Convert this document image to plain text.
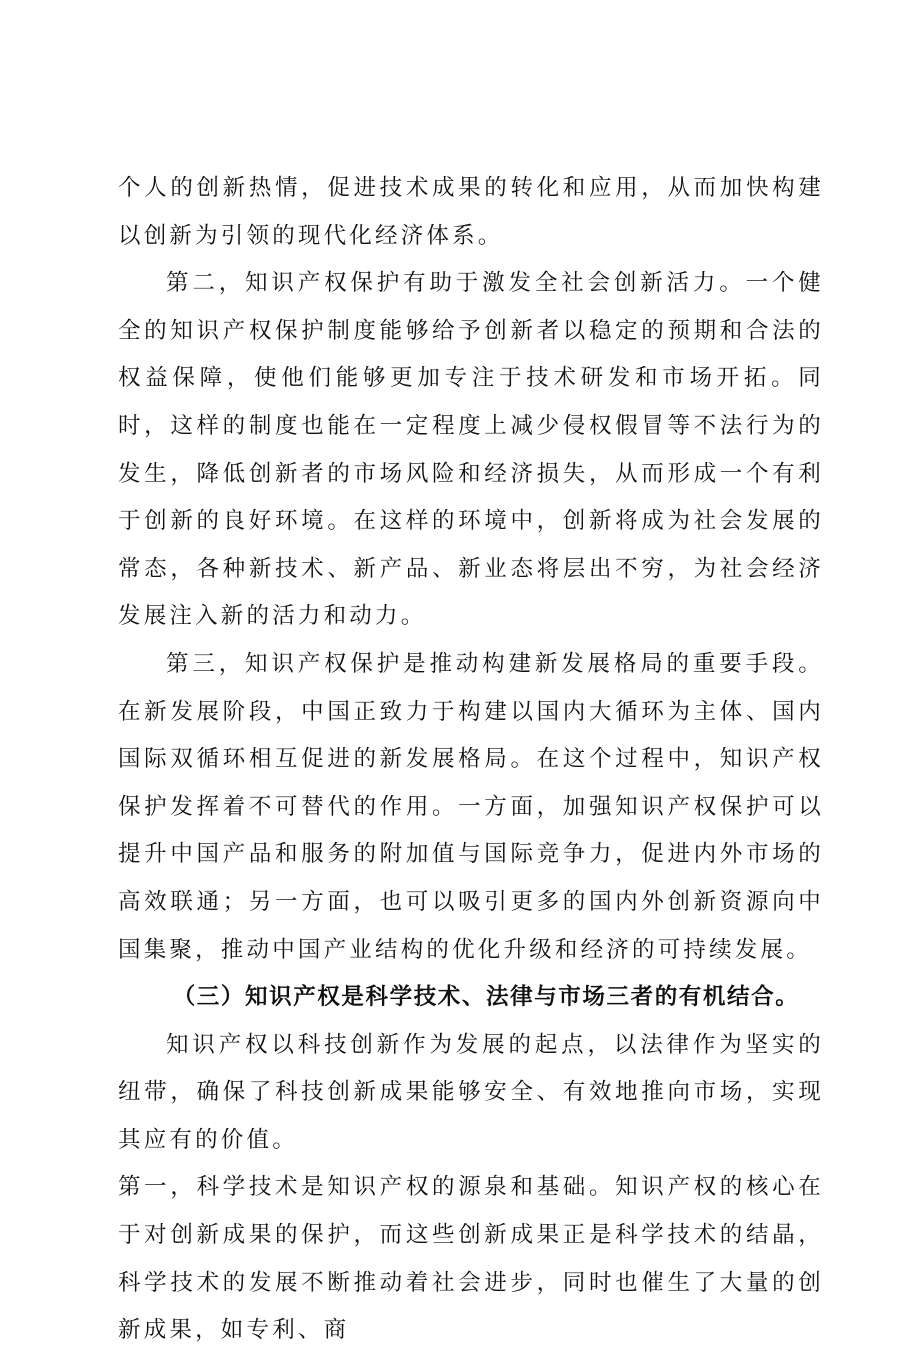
个人的创新热情，促进技术成果的转化和应用，从而加快构建以创新为引领的现代化经济体系。

第二，知识产权保护有助于激发全社会创新活力。一个健全的知识产权保护制度能够给予创新者以稳定的预期和合法的权益保障，使他们能够更加专注于技术研发和市场开拓。同时，这样的制度也能在一定程度上减少侵权假冒等不法行为的发生，降低创新者的市场风险和经济损失，从而形成一个有利于创新的良好环境。在这样的环境中，创新将成为社会发展的常态，各种新技术、新产品、新业态将层出不穷，为社会经济发展注入新的活力和动力。

第三，知识产权保护是推动构建新发展格局的重要手段。在新发展阶段，中国正致力于构建以国内大循环为主体、国内国际双循环相互促进的新发展格局。在这个过程中，知识产权保护发挥着不可替代的作用。一方面，加强知识产权保护可以提升中国产品和服务的附加值与国际竞争力，促进内外市场的高效联通；另一方面，也可以吸引更多的国内外创新资源向中国集聚，推动中国产业结构的优化升级和经济的可持续发展。

（三）知识产权是科学技术、法律与市场三者的有机结合。

知识产权以科技创新作为发展的起点，以法律作为坚实的纽带，确保了科技创新成果能够安全、有效地推向市场，实现其应有的价值。

第一，科学技术是知识产权的源泉和基础。知识产权的核心在于对创新成果的保护，而这些创新成果正是科学技术的结晶，科学技术的发展不断推动着社会进步，同时也催生了大量的创新成果，如专利、商
